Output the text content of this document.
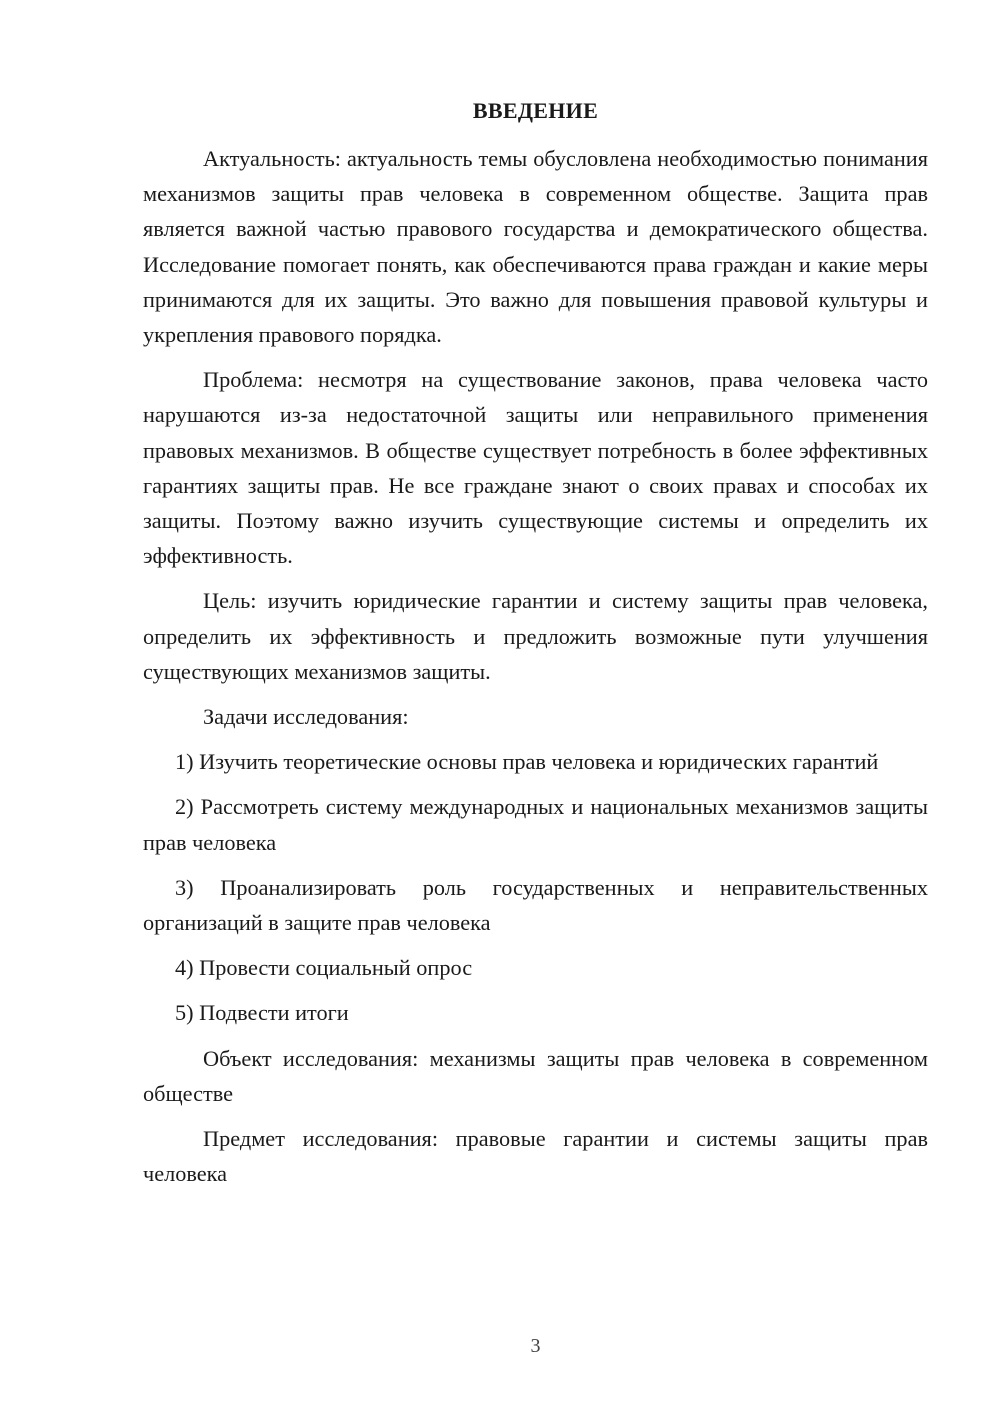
ВВЕДЕНИЕ

Актуальность: актуальность темы обусловлена необходимостью понимания механизмов защиты прав человека в современном обществе. Защита прав является важной частью правового государства и демократического общества. Исследование помогает понять, как обеспечиваются права граждан и какие меры принимаются для их защиты. Это важно для повышения правовой культуры и укрепления правового порядка.

Проблема: несмотря на существование законов, права человека часто нарушаются из-за недостаточной защиты или неправильного применения правовых механизмов. В обществе существует потребность в более эффективных гарантиях защиты прав. Не все граждане знают о своих правах и способах их защиты. Поэтому важно изучить существующие системы и определить их эффективность.

Цель: изучить юридические гарантии и систему защиты прав человека, определить их эффективность и предложить возможные пути улучшения существующих механизмов защиты.

Задачи исследования:

1) Изучить теоретические основы прав человека и юридических гарантий

2) Рассмотреть систему международных и национальных механизмов защиты прав человека

3) Проанализировать роль государственных и неправительственных организаций в защите прав человека

4) Провести социальный опрос

5) Подвести итоги

Объект исследования: механизмы защиты прав человека в современном обществе

Предмет исследования: правовые гарантии и системы защиты прав человека

3
